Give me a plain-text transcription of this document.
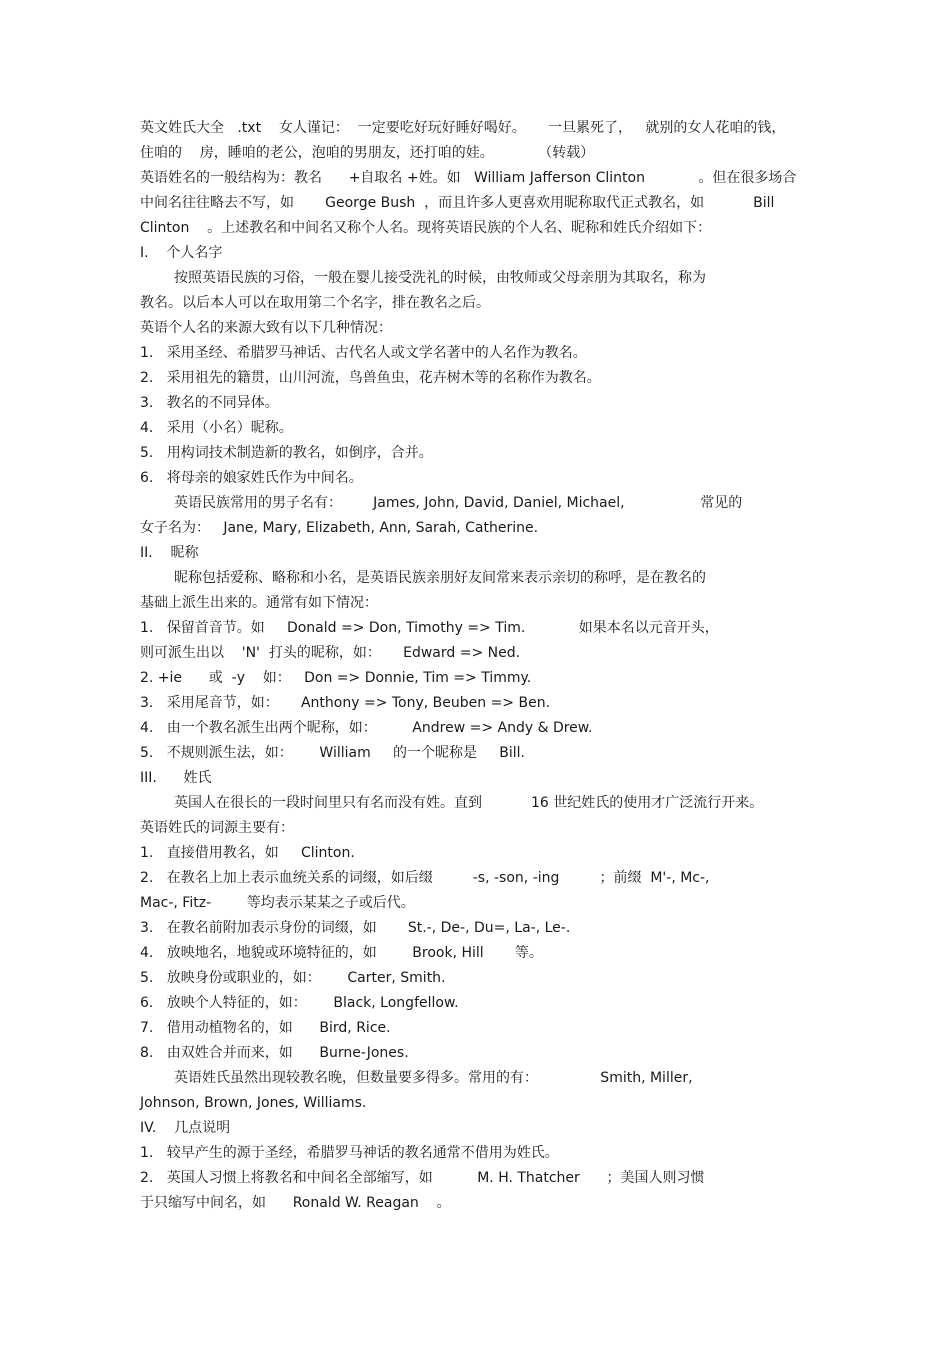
英文姓氏大全   .txt    女人谨记：  一定要吃好玩好睡好喝好。     一旦累死了，   就别的女人花咱的钱，
住咱的    房，睡咱的老公，泡咱的男朋友，还打咱的娃。          （转载）
英语姓名的一般结构为：教名      +自取名 +姓。如   William Jafferson Clinton            。但在很多场合
中间名往往略去不写，如       George Bush  ，而且许多人更喜欢用昵称取代正式教名，如           Bill
Clinton    。上述教名和中间名又称个人名。现将英语民族的个人名、昵称和姓氏介绍如下：
I.    个人名字
按照英语民族的习俗，一般在婴儿接受洗礼的时候，由牧师或父母亲朋为其取名，称为
教名。以后本人可以在取用第二个名字，排在教名之后。
英语个人名的来源大致有以下几种情况：
1.   采用圣经、希腊罗马神话、古代名人或文学名著中的人名作为教名。
2.   采用祖先的籍贯，山川河流，鸟兽鱼虫，花卉树木等的名称作为教名。
3.   教名的不同异体。
4.   采用（小名）昵称。
5.   用构词技术制造新的教名，如倒序，合并。
6.   将母亲的娘家姓氏作为中间名。
英语民族常用的男子名有：       James, John, David, Daniel, Michael,                 常见的
女子名为：   Jane, Mary, Elizabeth, Ann, Sarah, Catherine.
II.    昵称
昵称包括爱称、略称和小名，是英语民族亲朋好友间常来表示亲切的称呼，是在教名的
基础上派生出来的。通常有如下情况：
1.   保留首音节。如     Donald => Don, Timothy => Tim.            如果本名以元音开头，
则可派生出以    'N'  打头的昵称，如：     Edward => Ned.
2. +ie      或  -y    如：   Don => Donnie, Tim => Timmy.
3.   采用尾音节，如：     Anthony => Tony, Beuben => Ben.
4.   由一个教名派生出两个昵称，如：        Andrew => Andy & Drew.
5.   不规则派生法，如：      William     的一个昵称是     Bill.
III.      姓氏
英国人在很长的一段时间里只有名而没有姓。直到           16 世纪姓氏的使用才广泛流行开来。
英语姓氏的词源主要有：
1.   直接借用教名，如     Clinton.
2.   在教名上加上表示血统关系的词缀，如后缀         -s, -son, -ing         ；前缀  M'-, Mc-,
Mac-, Fitz-        等均表示某某之子或后代。
3.   在教名前附加表示身份的词缀，如       St.-, De-, Du=, La-, Le-.
4.   放映地名，地貌或环境特征的，如        Brook, Hill       等。
5.   放映身份或职业的，如：      Carter, Smith.
6.   放映个人特征的，如：      Black, Longfellow.
7.   借用动植物名的，如      Bird, Rice.
8.   由双姓合并而来，如      Burne-Jones.
英语姓氏虽然出现较教名晚，但数量要多得多。常用的有：              Smith, Miller,
Johnson, Brown, Jones, Williams.
IV.    几点说明
1.   较早产生的源于圣经，希腊罗马神话的教名通常不借用为姓氏。
2.   英国人习惯上将教名和中间名全部缩写，如          M. H. Thatcher      ；美国人则习惯
于只缩写中间名，如      Ronald W. Reagan    。
